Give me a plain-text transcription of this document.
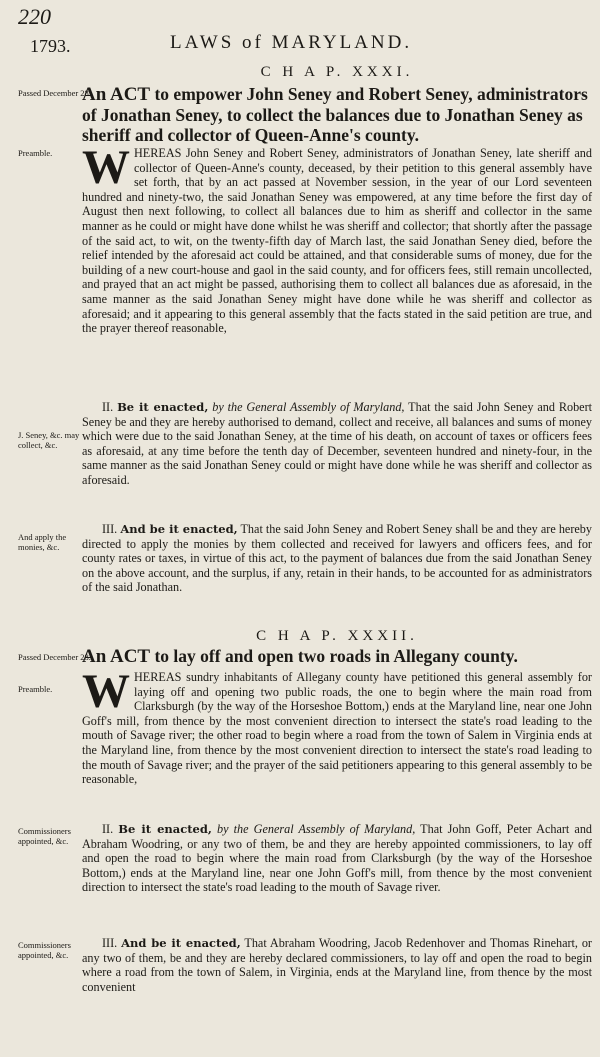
220
1793.	LAWS of MARYLAND.
C H A P. XXXI.
Passed December 28.
An ACT to empower John Seney and Robert Seney, administrators of Jonathan Seney, to collect the balances due to Jonathan Seney as sheriff and collector of Queen-Anne's county.
Preamble. WHEREAS John Seney and Robert Seney, administrators of Jonathan Seney, late sheriff and collector of Queen-Anne's county, deceased, by their petition to this general assembly have set forth, that by an act passed at November session, in the year of our Lord seventeen hundred and ninety-two, the said Jonathan Seney was empowered, at any time before the first day of August then next following, to collect all balances due to him as sheriff and collector in the same manner as he could or might have done whilst he was sheriff and collector; that shortly after the passage of the said act, to wit, on the twenty-fifth day of March last, the said Jonathan Seney died, before the relief intended by the aforesaid act could be attained, and that considerable sums of money, due for the building of a new court-house and gaol in the said county, and for officers fees, still remain uncollected, and prayed that an act might be passed, authorising them to collect all balances due as aforesaid, in the same manner as the said Jonathan Seney might have done while he was sheriff and collector as aforesaid; and it appearing to this general assembly that the facts stated in the said petition are true, and the prayer thereof reasonable,
J. Seney, &c. may collect, &c.

II. Be it enacted, by the General Assembly of Maryland, That the said John Seney and Robert Seney be and they are hereby authorised to demand, collect and receive, all balances and sums of money which were due to the said Jonathan Seney, at the time of his death, on account of taxes or officers fees as aforesaid, at any time before the tenth day of December, seventeen hundred and ninety-four, in the same manner as the said Jonathan Seney could or might have done while he was sheriff and collector as aforesaid.

And apply the monies, &c.

III. And be it enacted, That the said John Seney and Robert Seney shall be and they are hereby directed to apply the monies by them collected and received for lawyers and officers fees, and for county rates or taxes, in virtue of this act, to the payment of balances due from the said Jonathan Seney on the above account, and the surplus, if any, retain in their hands, to be accounted for as administrators of the said Jonathan.

C H A P. XXXII.
Passed December 28.
An ACT to lay off and open two roads in Allegany county.
Preamble. WHEREAS sundry inhabitants of Allegany county have petitioned this general assembly for laying off and opening two public roads, the one to begin where the main road from Clarksburgh (by the way of the Horseshoe Bottom,) ends at the Maryland line, near one John Goff's mill, from thence by the most convenient direction to intersect the state's road leading to the mouth of Savage river; the other road to begin where a road from the town of Salem in Virginia ends at the Maryland line, from thence by the most convenient direction to intersect the state's road leading to the mouth of Savage river; and the prayer of the said petitioners appearing to this general assembly to be reasonable,
Commissioners appointed, &c.

II. Be it enacted, by the General Assembly of Maryland, That John Goff, Peter Achart and Abraham Woodring, or any two of them, be and they are hereby appointed commissioners, to lay off and open the road to begin where the main road from Clarksburgh (by the way of the Horseshoe Bottom,) ends at the Maryland line, near one John Goff's mill, from thence by the most convenient direction to intersect the state's road leading to the mouth of Savage river.

Commissioners appointed, &c.

III. And be it enacted, That Abraham Woodring, Jacob Redenhover and Thomas Rinehart, or any two of them, be and they are hereby declared commissioners, to lay off and open the road to begin where a road from the town of Salem, in Virginia, ends at the Maryland line, from thence by the most convenient
